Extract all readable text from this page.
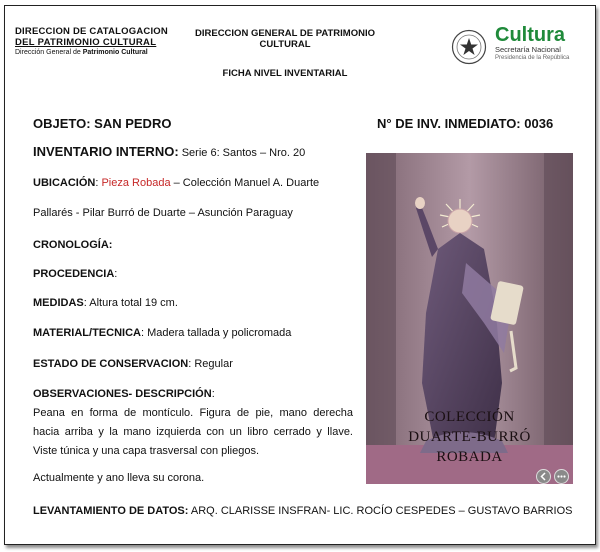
DIRECCION DE CATALOGACION
DEL PATRIMONIO CULTURAL
Dirección General de Patrimonio Cultural
DIRECCION GENERAL DE PATRIMONIO CULTURAL
FICHA NIVEL INVENTARIAL
Cultura
Secretaría Nacional
Presidencia de la República
OBJETO: SAN PEDRO	N° DE INV. INMEDIATO: 0036
INVENTARIO INTERNO: Serie 6: Santos – Nro. 20
UBICACIÓN: Pieza Robada – Colección Manuel A. Duarte
Pallarés - Pilar Burró de Duarte – Asunción Paraguay
CRONOLOGÍA:
PROCEDENCIA:
MEDIDAS: Altura total 19 cm.
MATERIAL/TECNICA: Madera tallada y policromada
ESTADO DE CONSERVACION: Regular
OBSERVACIONES- DESCRIPCIÓN:
Peana en forma de montículo. Figura de pie, mano derecha hacia arriba y la mano izquierda con un libro cerrado y llave. Viste túnica y una capa trasversal con pliegos.
Actualmente y ano lleva su corona.
LEVANTAMIENTO DE DATOS: ARQ. CLARISSE INSFRAN- LIC. ROCÍO CESPEDES – GUSTAVO BARRIOS
COLECCIÓN
DUARTE-BURRÓ
ROBADA
